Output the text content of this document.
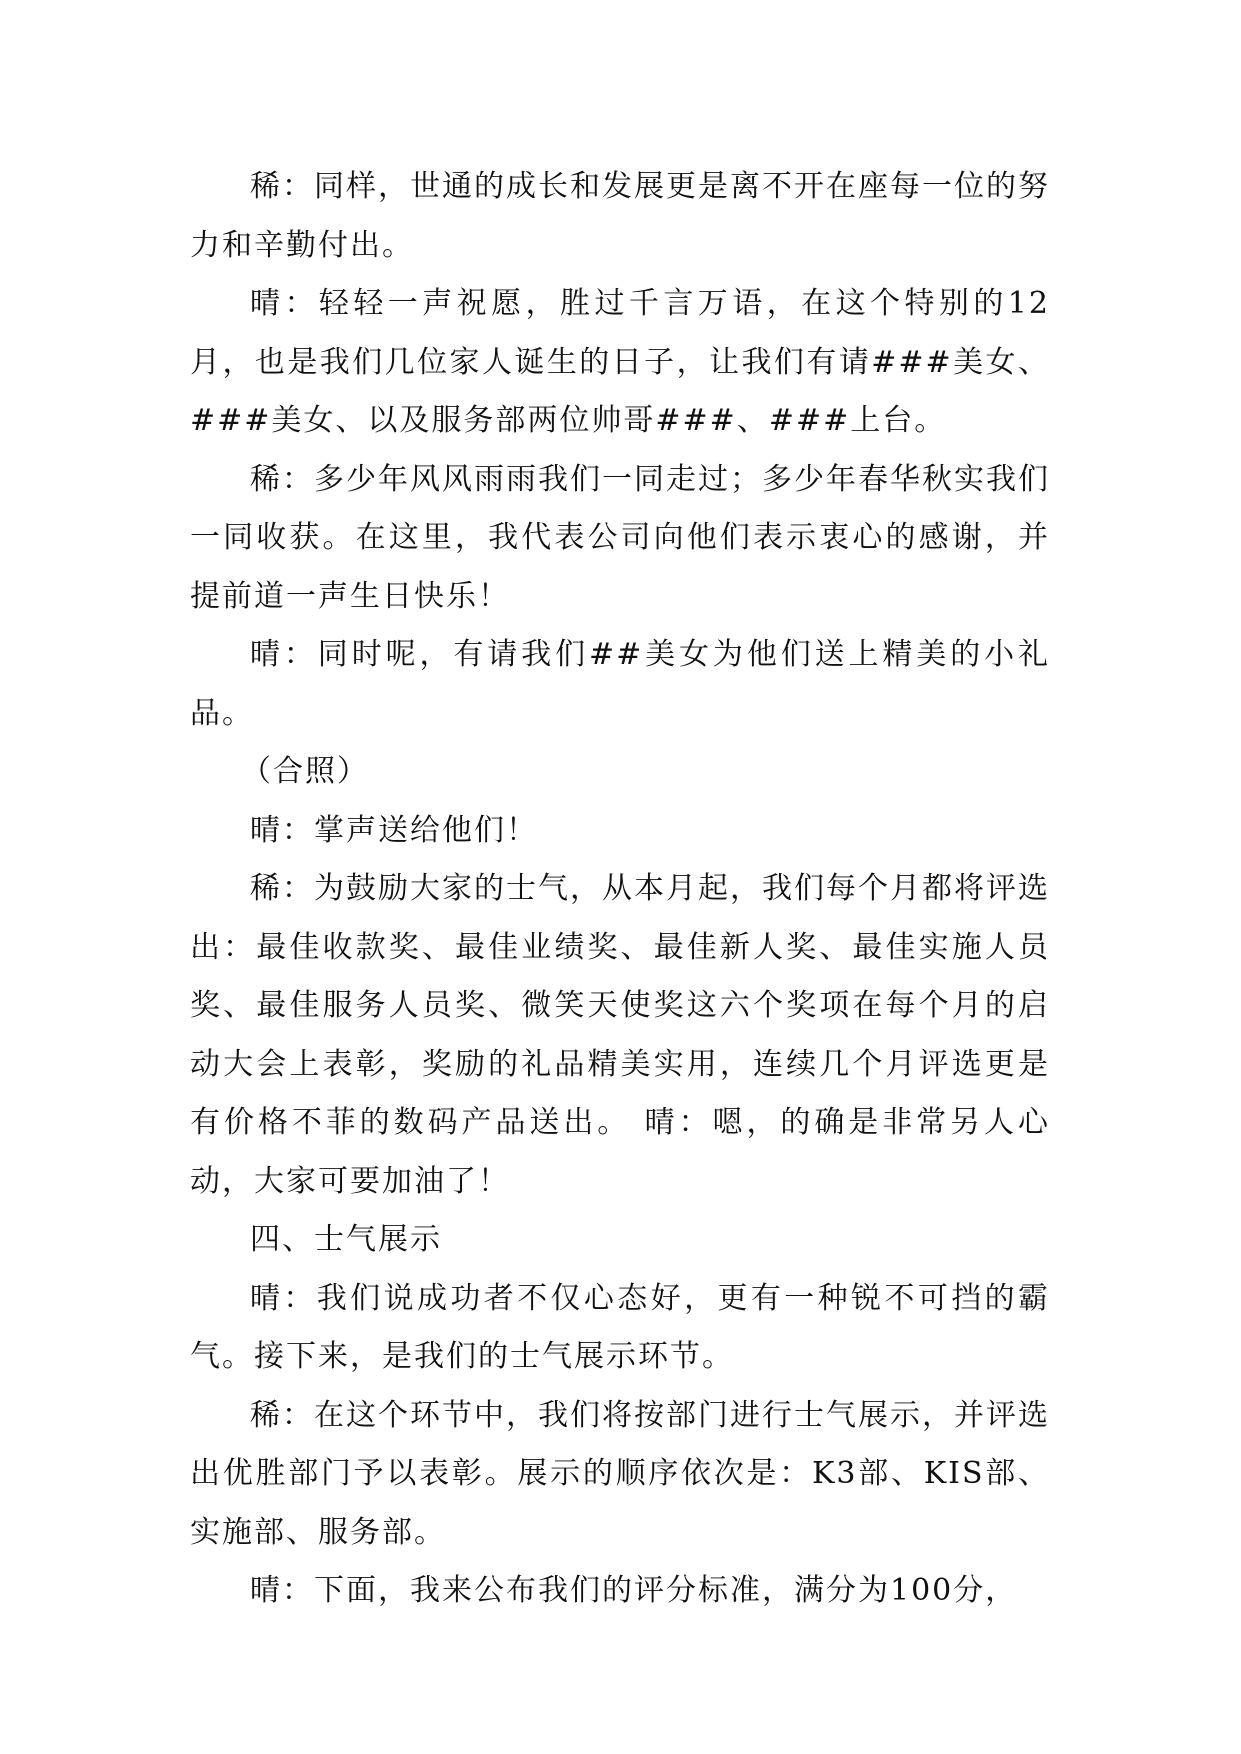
稀：同样，世通的成长和发展更是离不开在座每一位的努力和辛勤付出。

晴：轻轻一声祝愿，胜过千言万语，在这个特别的12月，也是我们几位家人诞生的日子，让我们有请###美女、###美女、以及服务部两位帅哥###、###上台。

稀：多少年风风雨雨我们一同走过；多少年春华秋实我们一同收获。在这里，我代表公司向他们表示衷心的感谢，并提前道一声生日快乐！

晴：同时呢，有请我们##美女为他们送上精美的小礼品。

（合照）

晴：掌声送给他们！

稀：为鼓励大家的士气，从本月起，我们每个月都将评选出：最佳收款奖、最佳业绩奖、最佳新人奖、最佳实施人员奖、最佳服务人员奖、微笑天使奖这六个奖项在每个月的启动大会上表彰，奖励的礼品精美实用，连续几个月评选更是有价格不菲的数码产品送出。 晴：嗯，的确是非常另人心动，大家可要加油了！

四、士气展示

晴：我们说成功者不仅心态好，更有一种锐不可挡的霸气。接下来，是我们的士气展示环节。

稀：在这个环节中，我们将按部门进行士气展示，并评选出优胜部门予以表彰。展示的顺序依次是：K3部、KIS部、实施部、服务部。

晴：下面，我来公布我们的评分标准，满分为100分，
